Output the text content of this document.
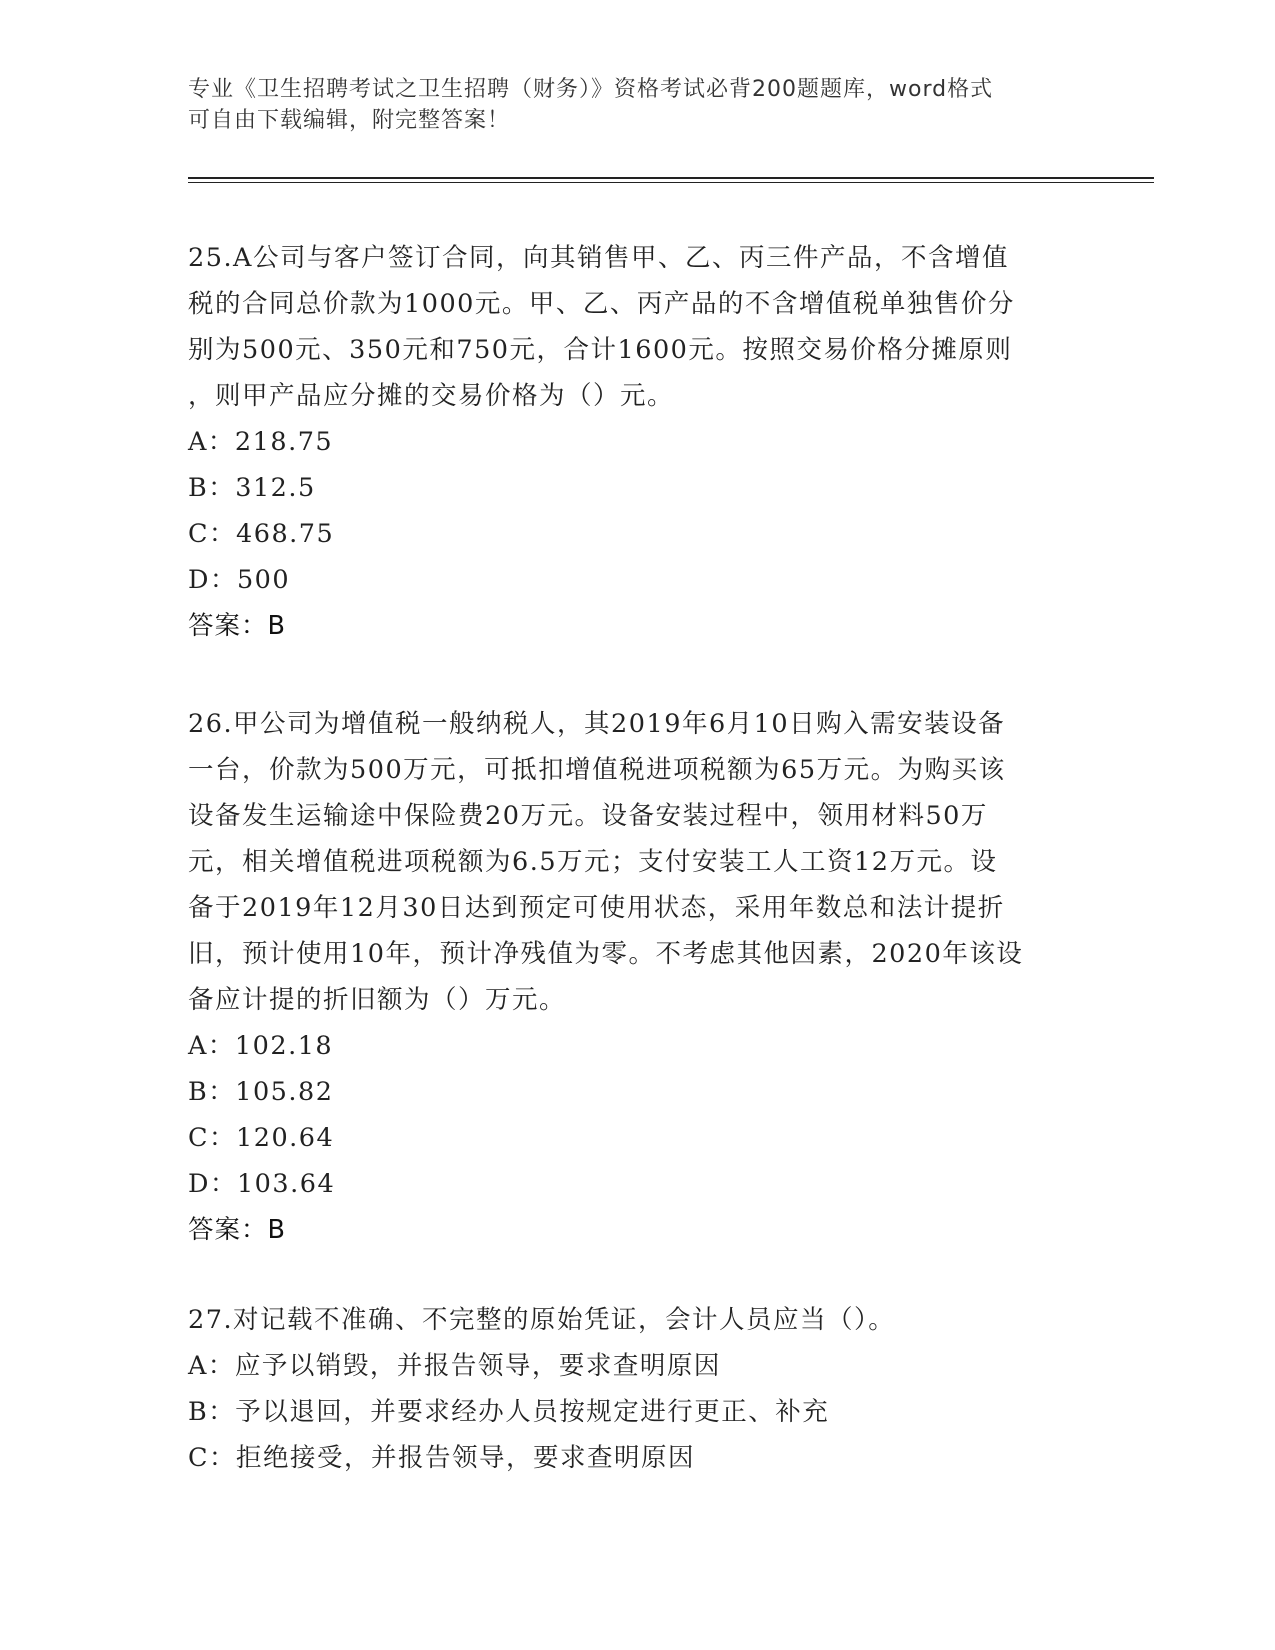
专业《卫生招聘考试之卫生招聘（财务）》资格考试必背200题题库，word格式
可自由下载编辑，附完整答案！
25.A公司与客户签订合同，向其销售甲、乙、丙三件产品，不含增值
税的合同总价款为1000元。甲、乙、丙产品的不含增值税单独售价分
别为500元、350元和750元，合计1600元。按照交易价格分摊原则
，则甲产品应分摊的交易价格为（）元。
A：218.75
B：312.5
C：468.75
D：500
答案：B
26.甲公司为增值税一般纳税人，其2019年6月10日购入需安装设备
一台，价款为500万元，可抵扣增值税进项税额为65万元。为购买该
设备发生运输途中保险费20万元。设备安装过程中，领用材料50万
元，相关增值税进项税额为6.5万元；支付安装工人工资12万元。设
备于2019年12月30日达到预定可使用状态，采用年数总和法计提折
旧，预计使用10年，预计净残值为零。不考虑其他因素，2020年该设
备应计提的折旧额为（）万元。
A：102.18
B：105.82
C：120.64
D：103.64
答案：B
27.对记载不准确、不完整的原始凭证，会计人员应当（）。
A：应予以销毁，并报告领导，要求查明原因
B：予以退回，并要求经办人员按规定进行更正、补充
C：拒绝接受，并报告领导，要求查明原因
